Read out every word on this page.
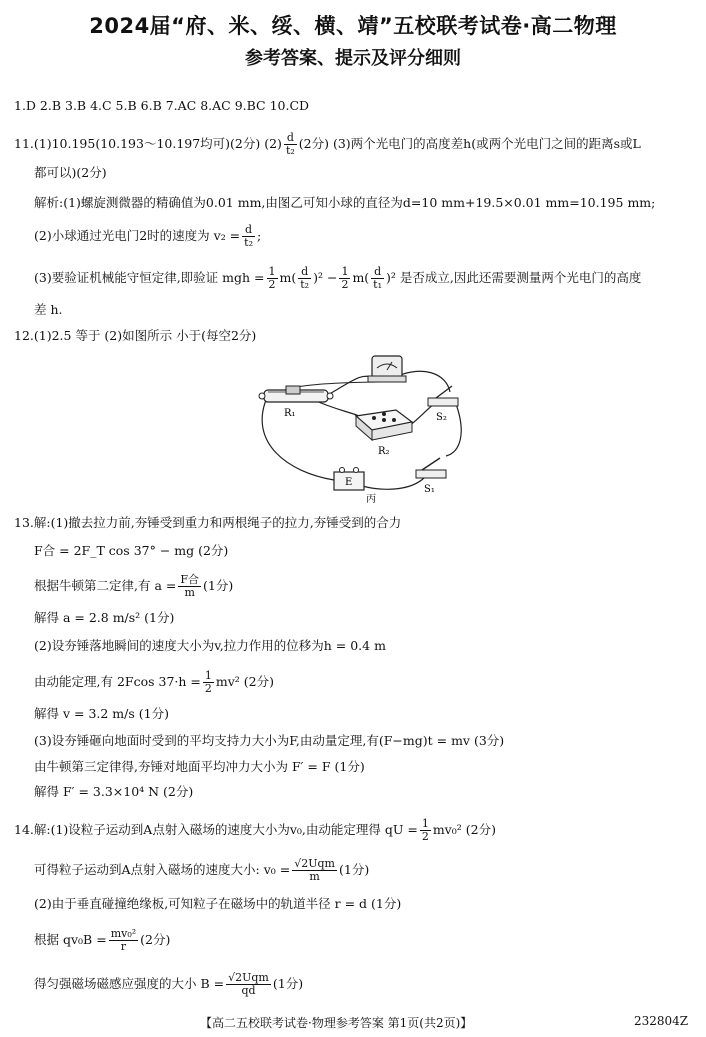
2024届“府、米、绥、横、靖”五校联考试卷·高二物理
参考答案、提示及评分细则
1.D 2.B 3.B 4.C 5.B 6.B 7.AC 8.AC 9.BC 10.CD
11.(1)10.195(10.193～10.197均可)(2分) $(2) \frac{d}{\text{t₂}} (2$分) (3)两个光电门的高度差h(或两个光电门之间的距离s或L
都可以)(2分)
解析:(1)螺旋测微器的精确值为0.01 mm,由图乙可知小球的直径为d=10 mm+19.5×0.01 mm=10.195 mm;
(2)小球通过光电门2时的速度为 $v_2 = \frac{d}{\text{t₂}}$ ;
(3)要验证机械能守恒定律,即验证 mgh = $\frac{1}{2} m( \frac{d}{\text{t₂}} )^2 - \frac{1}{2} m( \frac{d}{\text{t₁}} )^2$ 是否成立,因此还需要测量两个光电门的高度
差 h.
12.(1)2.5 等于 (2)如图所示 小于(每空2分)
R₁
R₂
S₂
S₁
E
丙
13.解:(1)撤去拉力前,夯锤受到重力和两根绳子的拉力,夯锤受到的合力
F合 = 2F_T cos 37° − mg (2分)
根据牛顿第二定律,有 $a = \frac{\text{F合}}{m} (1$分)
解得 a = 2.8 m/s² (1分)
(2)设夯锤落地瞬间的速度大小为v,拉力作用的位移为h = 0.4 m
由动能定理,有 2Fcos $37\cdot h = \frac{1}{2} mv^2$ (2分)
解得 v = 3.2 m/s (1分)
(3)设夯锤砸向地面时受到的平均支持力大小为F,由动量定理,有(F−mg)t = mv (3分)
由牛顿第三定律得,夯锤对地面平均冲力大小为 F′ = F (1分)
解得 F′ = 3.3×10⁴ N (2分)
14.解:(1)设粒子运动到A点射入磁场的速度大小为v₀,由动能定理得 qU = $\frac{1}{2} mv_0^2$ (2分)
可得粒子运动到A点射入磁场的速度大小: $v_0 = \frac{\text{√2Uqm}}{m} (1$分)
(2)由于垂直碰撞绝缘板,可知粒子在磁场中的轨道半径 r = d (1分)
根据 $qv_0B = \frac{\text{mv₀²}}{r} (2$分)
得匀强磁场磁感应强度的大小 $B = \frac{\text{√2Uqm}}{qd} (1$分)
【高二五校联考试卷·物理参考答案 第1页(共2页)】	232804Z
